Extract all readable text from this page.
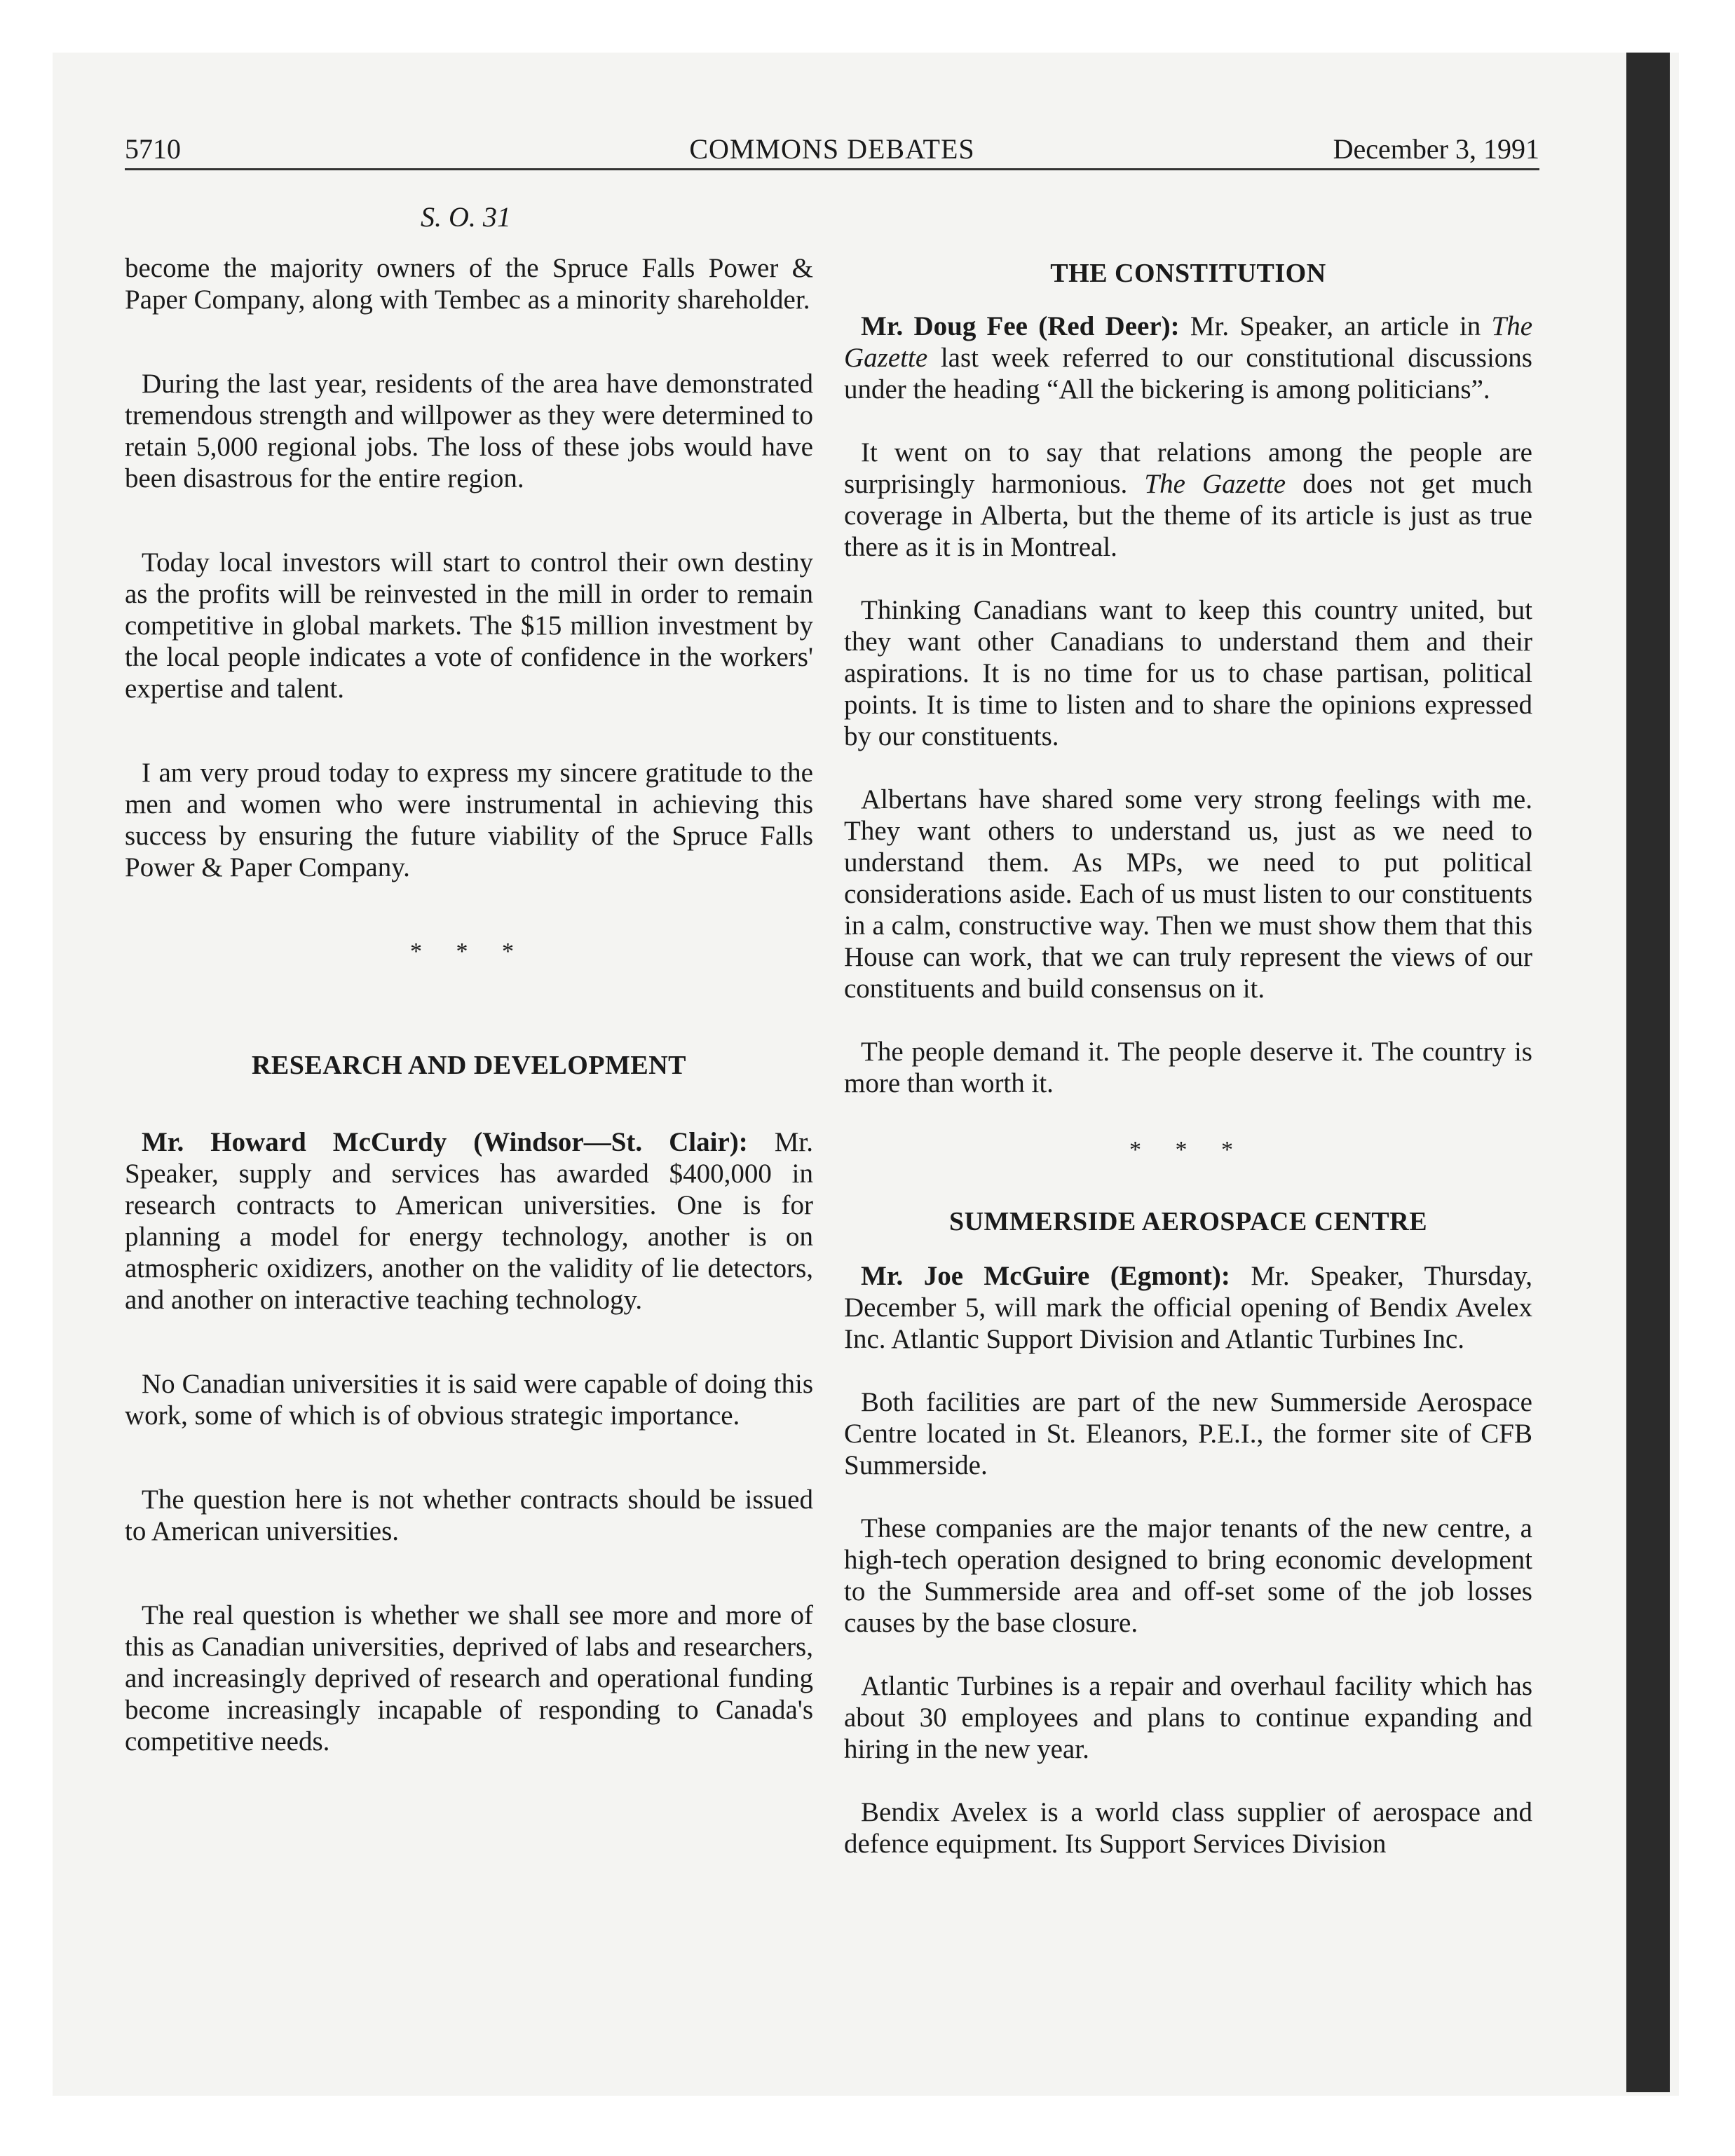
5710	COMMONS DEBATES	December 3, 1991
S. O. 31

become the majority owners of the Spruce Falls Power & Paper Company, along with Tembec as a minority shareholder.

During the last year, residents of the area have demonstrated tremendous strength and willpower as they were determined to retain 5,000 regional jobs. The loss of these jobs would have been disastrous for the entire region.

Today local investors will start to control their own destiny as the profits will be reinvested in the mill in order to remain competitive in global markets. The $15 million investment by the local people indicates a vote of confidence in the workers' expertise and talent.

I am very proud today to express my sincere gratitude to the men and women who were instrumental in achieving this success by ensuring the future viability of the Spruce Falls Power & Paper Company.

* * *
RESEARCH AND DEVELOPMENT

Mr. Howard McCurdy (Windsor—St. Clair): Mr. Speaker, supply and services has awarded $400,000 in research contracts to American universities. One is for planning a model for energy technology, another is on atmospheric oxidizers, another on the validity of lie detectors, and another on interactive teaching technology.

No Canadian universities it is said were capable of doing this work, some of which is of obvious strategic importance.

The question here is not whether contracts should be issued to American universities.

The real question is whether we shall see more and more of this as Canadian universities, deprived of labs and researchers, and increasingly deprived of research and operational funding become increasingly incapable of responding to Canada's competitive needs.

THE CONSTITUTION

Mr. Doug Fee (Red Deer): Mr. Speaker, an article in The Gazette last week referred to our constitutional discussions under the heading “All the bickering is among politicians”.

It went on to say that relations among the people are surprisingly harmonious. The Gazette does not get much coverage in Alberta, but the theme of its article is just as true there as it is in Montreal.

Thinking Canadians want to keep this country united, but they want other Canadians to understand them and their aspirations. It is no time for us to chase partisan, political points. It is time to listen and to share the opinions expressed by our constituents.

Albertans have shared some very strong feelings with me. They want others to understand us, just as we need to understand them. As MPs, we need to put political considerations aside. Each of us must listen to our constituents in a calm, constructive way. Then we must show them that this House can work, that we can truly represent the views of our constituents and build consensus on it.

The people demand it. The people deserve it. The country is more than worth it.

* * *
SUMMERSIDE AEROSPACE CENTRE

Mr. Joe McGuire (Egmont): Mr. Speaker, Thursday, December 5, will mark the official opening of Bendix Avelex Inc. Atlantic Support Division and Atlantic Turbines Inc.

Both facilities are part of the new Summerside Aerospace Centre located in St. Eleanors, P.E.I., the former site of CFB Summerside.

These companies are the major tenants of the new centre, a high-tech operation designed to bring economic development to the Summerside area and off-set some of the job losses causes by the base closure.

Atlantic Turbines is a repair and overhaul facility which has about 30 employees and plans to continue expanding and hiring in the new year.

Bendix Avelex is a world class supplier of aerospace and defence equipment. Its Support Services Division
